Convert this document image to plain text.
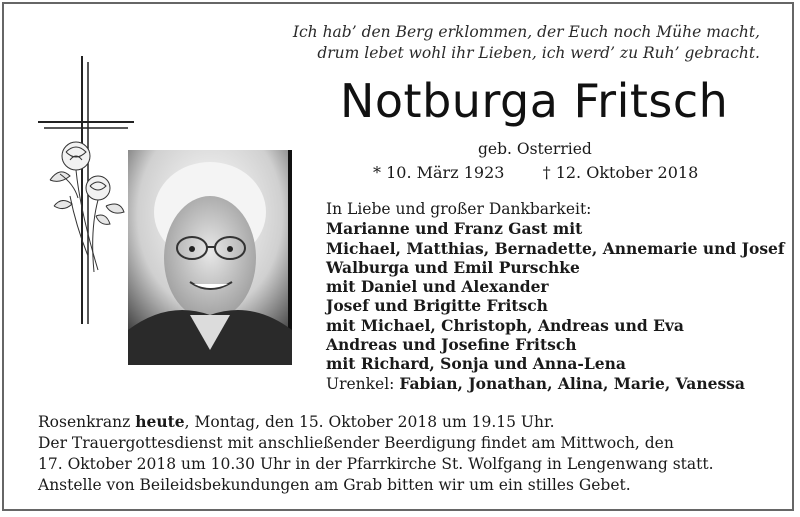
Ich hab’ den Berg erklommen, der Euch noch Mühe macht,
drum lebet wohl ihr Lieben, ich werd’ zu Ruh’ gebracht.
Notburga Fritsch
geb. Osterried
* 10. März 1923 † 12. Oktober 2018
In Liebe und großer Dankbarkeit:
Marianne und Franz Gast mit
Michael, Matthias, Bernadette, Annemarie und Josef
Walburga und Emil Purschke
mit Daniel und Alexander
Josef und Brigitte Fritsch
mit Michael, Christoph, Andreas und Eva
Andreas und Josefine Fritsch
mit Richard, Sonja und Anna-Lena
Urenkel: Fabian, Jonathan, Alina, Marie, Vanessa
Rosenkranz heute, Montag, den 15. Oktober 2018 um 19.15 Uhr.
Der Trauergottesdienst mit anschließender Beerdigung findet am Mittwoch, den
17. Oktober 2018 um 10.30 Uhr in der Pfarrkirche St. Wolfgang in Lengenwang statt.
Anstelle von Beileidsbekundungen am Grab bitten wir um ein stilles Gebet.
